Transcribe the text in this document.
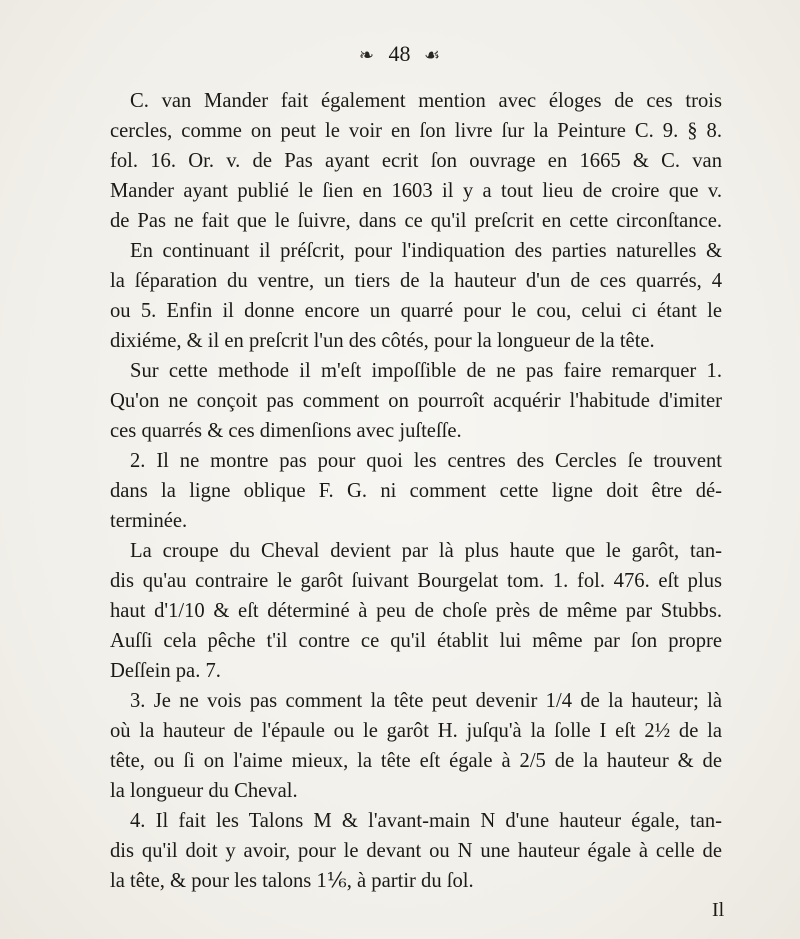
❧ 48 ☙
C. van Mander fait également mention avec éloges de ces trois
cercles, comme on peut le voir en ſon livre ſur la Peinture C. 9. § 8.
fol. 16. Or. v. de Pas ayant ecrit ſon ouvrage en 1665 & C. van
Mander ayant publié le ſien en 1603 il y a tout lieu de croire que v.
de Pas ne fait que le ſuivre, dans ce qu'il preſcrit en cette circonſtance.
En continuant il préſcrit, pour l'indiquation des parties naturelles &
la ſéparation du ventre, un tiers de la hauteur d'un de ces quarrés, 4
ou 5. Enfin il donne encore un quarré pour le cou, celui ci étant le
dixiéme, & il en preſcrit l'un des côtés, pour la longueur de la tête.
Sur cette methode il m'eſt impoſſible de ne pas faire remarquer 1.
Qu'on ne conçoit pas comment on pourroît acquérir l'habitude d'imiter
ces quarrés & ces dimenſions avec juſteſſe.
2. Il ne montre pas pour quoi les centres des Cercles ſe trouvent
dans la ligne oblique F. G. ni comment cette ligne doit être dé-
terminée.
La croupe du Cheval devient par là plus haute que le garôt, tan-
dis qu'au contraire le garôt ſuivant Bourgelat tom. 1. fol. 476. eſt plus
haut d'1/10 & eſt déterminé à peu de choſe près de même par Stubbs.
Auſſi cela pêche t'il contre ce qu'il établit lui même par ſon propre
Deſſein pa. 7.
3. Je ne vois pas comment la tête peut devenir 1/4 de la hauteur; là
où la hauteur de l'épaule ou le garôt H. juſqu'à la ſolle I eſt 2½ de la
tête, ou ſi on l'aime mieux, la tête eſt égale à 2/5 de la hauteur & de
la longueur du Cheval.
4. Il fait les Talons M & l'avant-main N d'une hauteur égale, tan-
dis qu'il doit y avoir, pour le devant ou N une hauteur égale à celle de
la tête, & pour les talons 1⅙, à partir du ſol.
Il
